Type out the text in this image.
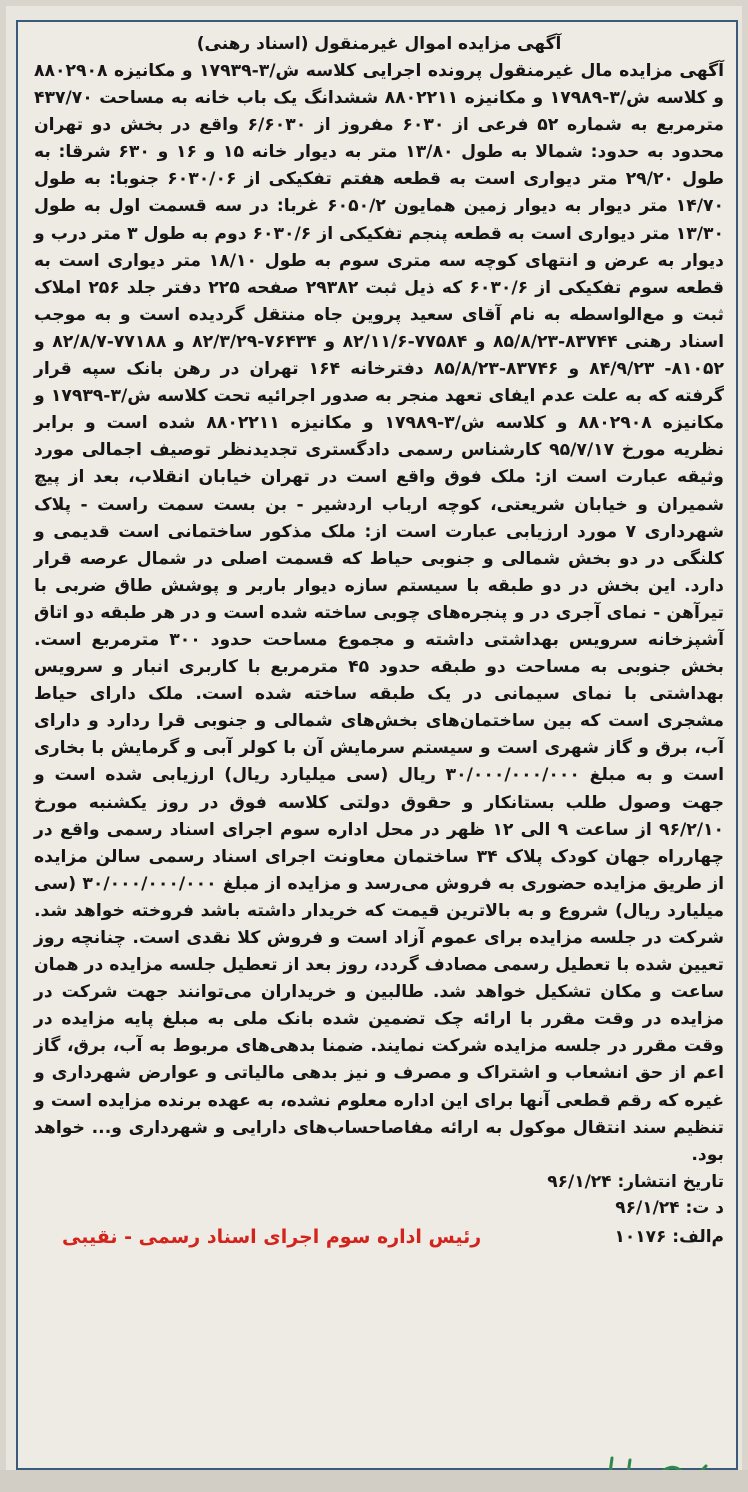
آگهی مزایده اموال غیرمنقول (اسناد رهنی)

آگهی مزایده مال غیرمنقول پرونده اجرایی کلاسه ش/۳-۱۷۹۳۹ و مکانیزه ۸۸۰۲۹۰۸ و کلاسه ش/۳-۱۷۹۸۹ و مکانیزه ۸۸۰۲۲۱۱ ششدانگ یک باب خانه به مساحت ۴۳۷/۷۰ مترمربع به شماره ۵۲ فرعی از ۶۰۳۰ مفروز از ۶/۶۰۳۰ واقع در بخش دو تهران محدود به حدود: شمالا به طول ۱۳/۸۰ متر به دیوار خانه ۱۵ و ۱۶ و ۶۳۰ شرقا: به طول ۲۹/۲۰ متر دیواری است به قطعه هفتم تفکیکی از ۶۰۳۰/۰۶ جنوبا: به طول ۱۴/۷۰ متر دیوار به دیوار زمین همایون ۶۰۵۰/۲ غربا: در سه قسمت اول به طول ۱۳/۳۰ متر دیواری است به قطعه پنجم تفکیکی از ۶۰۳۰/۶ دوم به طول ۳ متر درب و دیوار به عرض و انتهای کوچه سه متری سوم به طول ۱۸/۱۰ متر دیواری است به قطعه سوم تفکیکی از ۶۰۳۰/۶ که ذیل ثبت ۲۹۳۸۲ صفحه ۲۲۵ دفتر جلد ۲۵۶ املاک ثبت و مع‌الواسطه به نام آقای سعید پروین جاه منتقل گردیده است و به موجب اسناد رهنی ۸۳۷۴۴-۸۵/۸/۲۳ و ۷۷۵۸۴-۸۲/۱۱/۶ و ۷۶۴۳۴-۸۲/۳/۲۹ و ۷۷۱۸۸-۸۲/۸/۷ و ۸۱۰۵۲- ۸۴/۹/۲۳ و ۸۳۷۴۶-۸۵/۸/۲۳ دفترخانه ۱۶۴ تهران در رهن بانک سپه قرار گرفته که به علت عدم ایفای تعهد منجر به صدور اجرائیه تحت کلاسه ش/۳-۱۷۹۳۹ و مکانیزه ۸۸۰۲۹۰۸ و کلاسه ش/۳-۱۷۹۸۹ و مکانیزه ۸۸۰۲۲۱۱ شده است و برابر نظریه مورخ ۹۵/۷/۱۷ کارشناس رسمی دادگستری تجدیدنظر توصیف اجمالی مورد وثیقه عبارت است از: ملک فوق واقع است در تهران خیابان انقلاب، بعد از پیچ شمیران و خیابان شریعتی، کوچه ارباب اردشیر - بن بست سمت راست - پلاک شهرداری ۷ مورد ارزیابی عبارت است از: ملک مذکور ساختمانی است قدیمی و کلنگی در دو بخش شمالی و جنوبی حیاط که قسمت اصلی در شمال عرصه قرار دارد. این بخش در دو طبقه با سیستم سازه دیوار باربر و پوشش طاق ضربی با تیرآهن - نمای آجری در و پنجره‌های چوبی ساخته شده است و در هر طبقه دو اتاق آشپزخانه سرویس بهداشتی داشته و مجموع مساحت حدود ۳۰۰ مترمربع است. بخش جنوبی به مساحت دو طبقه حدود ۴۵ مترمربع با کاربری انبار و سرویس بهداشتی با نمای سیمانی در یک طبقه ساخته شده است. ملک دارای حیاط مشجری است که بین ساختمان‌های بخش‌های شمالی و جنوبی قرا ردارد و دارای آب، برق و گاز شهری است و سیستم سرمایش آن با کولر آبی و گرمایش با بخاری است و به مبلغ ۳۰/۰۰۰/۰۰۰/۰۰۰ ریال (سی میلیارد ریال) ارزیابی شده است و جهت وصول طلب بستانکار و حقوق دولتی کلاسه فوق در روز یکشنبه مورخ ۹۶/۲/۱۰ از ساعت ۹ الی ۱۲ ظهر در محل اداره سوم اجرای اسناد رسمی واقع در چهارراه جهان کودک پلاک ۳۴ ساختمان معاونت اجرای اسناد رسمی سالن مزایده از طریق مزایده حضوری به فروش می‌رسد و مزایده از مبلغ ۳۰/۰۰۰/۰۰۰/۰۰۰ (سی میلیارد ریال) شروع و به بالاترین قیمت که خریدار داشته باشد فروخته خواهد شد. شرکت در جلسه مزایده برای عموم آزاد است و فروش کلا نقدی است. چنانچه روز تعیین شده با تعطیل رسمی مصادف گردد، روز بعد از تعطیل جلسه مزایده در همان ساعت و مکان تشکیل خواهد شد. طالبین و خریداران می‌توانند جهت شرکت در مزایده در وقت مقرر با ارائه چک تضمین شده بانک ملی به مبلغ پایه مزایده در وقت مقرر در جلسه مزایده شرکت نمایند. ضمنا بدهی‌های مربوط به آب، برق، گاز اعم از حق انشعاب و اشتراک و مصرف و نیز بدهی مالیاتی و عوارض شهرداری و غیره که رقم قطعی آنها برای این اداره معلوم نشده، به عهده برنده مزایده است و تنظیم سند انتقال موکول به ارائه مفاصاحساب‌های دارایی و شهرداری و... خواهد بود.

تاریخ انتشار: ۹۶/۱/۲۴
د ت: ۹۶/۱/۲۴
م‌الف: ۱۰۱۷۶
رئیس اداره سوم اجرای اسناد رسمی - نقیبی
